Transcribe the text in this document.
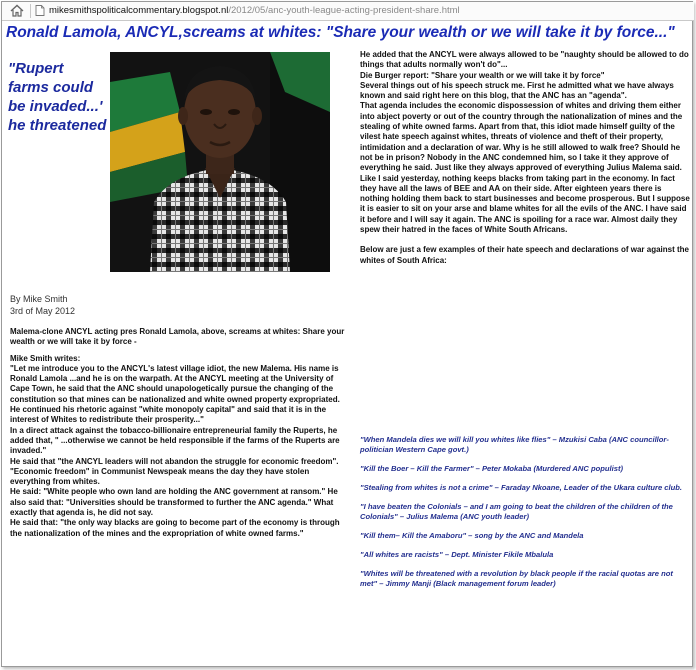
mikesmithspoliticalcommentary.blogspot.nl/2012/05/anc-youth-league-acting-president-share.html
Ronald Lamola, ANCYL,screams at whites: "Share your wealth or we will take it by force..."
"Rupert farms could be invaded...' he threatened
By Mike Smith
3rd of May 2012

Malema-clone ANCYL acting pres Ronald Lamola, above, screams at whites: Share your wealth or we will take it by force -

Mike Smith writes:

"Let me introduce you to the ANCYL's latest village idiot, the new Malema. His name is Ronald Lamola ...and he is on the warpath. At the ANCYL meeting at the University of Cape Town, he said that the ANC should unapologetically pursue the changing of the constitution so that mines can be nationalized and white owned property expropriated.

He continued his rhetoric against "white monopoly capital" and said that it is in the interest of Whites to redistribute their prosperity..."

In a direct attack against the tobacco-billionaire entrepreneurial family the Ruperts, he added that, " ...otherwise we cannot be held responsible if the farms of the Ruperts are invaded."

He said that "the ANCYL leaders will not abandon the struggle for economic freedom".

"Economic freedom" in Communist Newspeak means the day they have stolen everything from whites.

He said: "White people who own land are holding the ANC government at ransom." He also said that: "Universities should be transformed to further the ANC agenda." What exactly that agenda is, he did not say.

He said that: "the only way blacks are going to become part of the economy is through the nationalization of the mines and the expropriation of white owned farms."

He added that the ANCYL were always allowed to be "naughty should be allowed to do things that adults normally won't do"...

Die Burger report: "Share your wealth or we will take it by force"

Several things out of his speech struck me. First he admitted what we have always known and said right here on this blog, that the ANC has an "agenda".

That agenda includes the economic dispossession of whites and driving them either into abject poverty or out of the country through the nationalization of mines and the stealing of white owned farms. Apart from that, this idiot made himself guilty of the vilest hate speech against whites, threats of violence and theft of their property, intimidation and a declaration of war. Why is he still allowed to walk free? Should he not be in prison? Nobody in the ANC condemned him, so I take it they approve of everything he said. Just like they always approved of everything Julius Malema said. Like I said yesterday, nothing keeps blacks from taking part in the economy. In fact they have all the laws of BEE and AA on their side. After eighteen years there is nothing holding them back to start businesses and become prosperous. But I suppose it is easier to sit on your arse and blame whites for all the evils of the ANC. I have said it before and I will say it again. The ANC is spoiling for a race war. Almost daily they spew their hatred in the faces of White South Africans.

Below are just a few examples of their hate speech and declarations of war against the whites of South Africa:

"When Mandela dies we will kill you whites like flies" – Mzukisi Caba (ANC councillor-politician Western Cape govt.)

"Kill the Boer – Kill the Farmer" – Peter Mokaba (Murdered ANC populist)

"Stealing from whites is not a crime" – Faraday Nkoane, Leader of the Ukara culture club.

"I have beaten the Colonials – and I am going to beat the children of the children of the Colonials" – Julius Malema (ANC youth leader)

"Kill them– Kill the Amaboru" – song by the ANC and Mandela

"All whites are racists" – Dept. Minister Fikile Mbalula

"Whites will be threatened with a revolution by black people if the racial quotas are not met" – Jimmy Manji (Black management forum leader)
